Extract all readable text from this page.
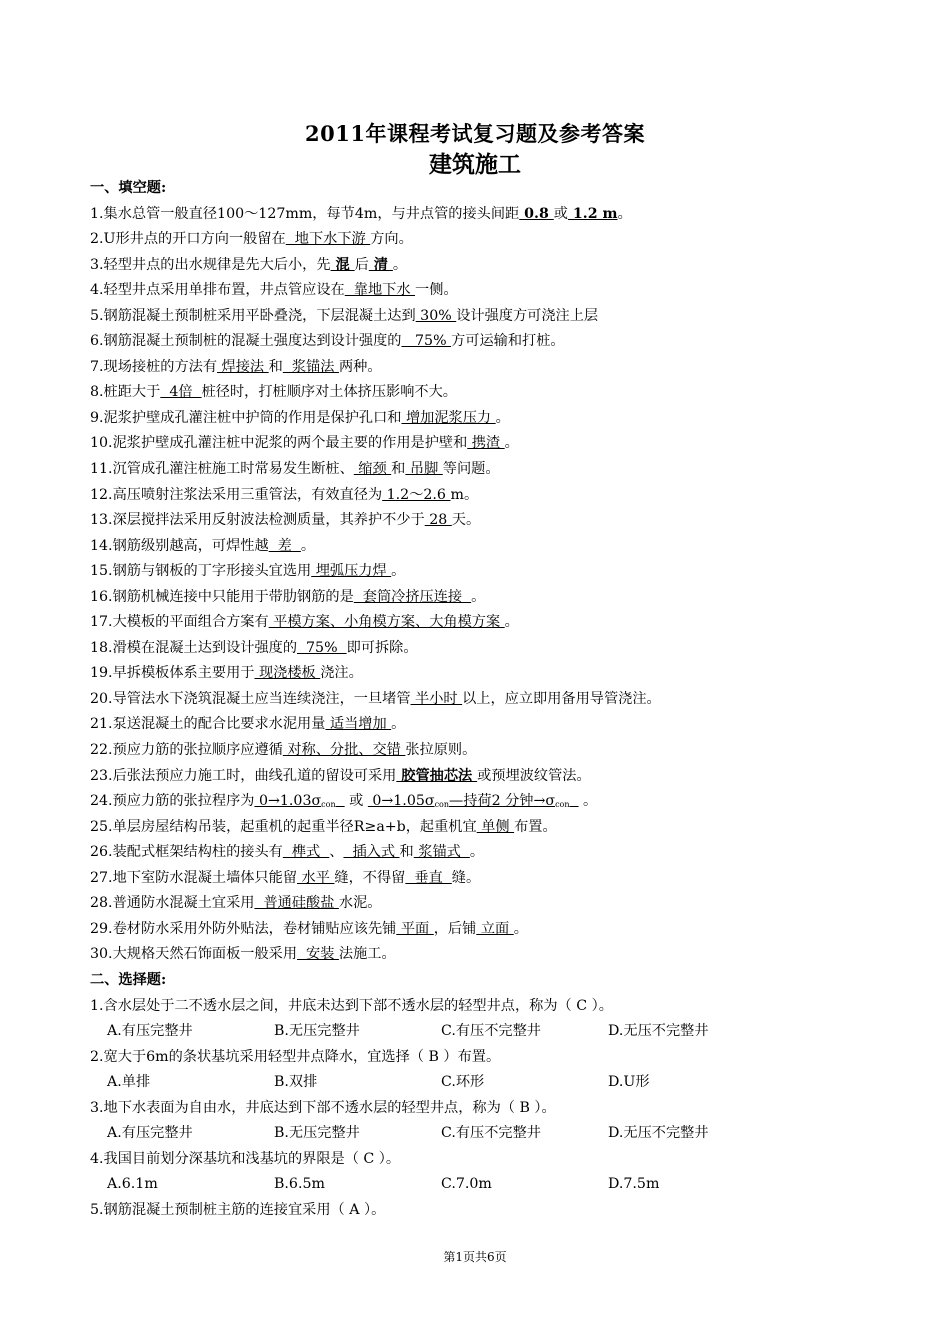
2011年课程考试复习题及参考答案
建筑施工
一、填空题:
1.集水总管一般直径100～127mm，每节4m，与井点管的接头间距 0.8 或 1.2 m。
2.U形井点的开口方向一般留在  地下水下游 方向。
3.轻型井点的出水规律是先大后小，先 混 后 清 。
4.轻型井点采用单排布置，井点管应设在  靠地下水 一侧。
5.钢筋混凝土预制桩采用平卧叠浇，下层混凝土达到 30% 设计强度方可浇注上层
6.钢筋混凝土预制桩的混凝土强度达到设计强度的   75% 方可运输和打桩。
7.现场接桩的方法有 焊接法 和  浆锚法 两种。
8.桩距大于  4倍  桩径时，打桩顺序对土体挤压影响不大。
9.泥浆护壁成孔灌注桩中护筒的作用是保护孔口和 增加泥浆压力 。
10.泥浆护壁成孔灌注桩中泥浆的两个最主要的作用是护壁和 携渣 。
11.沉管成孔灌注桩施工时常易发生断桩、 缩颈 和 吊脚 等问题。
12.高压喷射注浆法采用三重管法，有效直径为 1.2～2.6 m。
13.深层搅拌法采用反射波法检测质量，其养护不少于 28 天。
14.钢筋级别越高，可焊性越  差  。
15.钢筋与钢板的丁字形接头宜选用 埋弧压力焊 。
16.钢筋机械连接中只能用于带肋钢筋的是  套筒冷挤压连接  。
17.大模板的平面组合方案有 平模方案、小角模方案、大角模方案 。
18.滑模在混凝土达到设计强度的  75%  即可拆除。
19.早拆模板体系主要用于 现浇楼板 浇注。
20.导管法水下浇筑混凝土应当连续浇注，一旦堵管 半小时 以上，应立即用备用导管浇注。
21.泵送混凝土的配合比要求水泥用量 适当增加 。
22.预应力筋的张拉顺序应遵循 对称、分批、交错 张拉原则。
23.后张法预应力施工时，曲线孔道的留设可采用 胶管抽芯法 或预埋波纹管法。
24.预应力筋的张拉程序为 $0\to 1.03\sigma_{con}$   或  $0\to 1.05\sigma_{con}—$持荷2 分钟$\to\sigma_{con}$   。
25.单层房屋结构吊装，起重机的起重半径R≥a+b，起重机宜 单侧 布置。
26.装配式框架结构柱的接头有  榫式  、  插入式 和 浆锚式  。
27.地下室防水混凝土墙体只能留 水平 缝，不得留  垂直  缝。
28.普通防水混凝土宜采用  普通硅酸盐 水泥。
29.卷材防水采用外防外贴法，卷材铺贴应该先铺 平面 ，后铺 立面 。
30.大规格天然石饰面板一般采用  安装 法施工。
二、选择题:
1.含水层处于二不透水层之间，井底未达到下部不透水层的轻型井点，称为（ C ）。
A.有压完整井	B.无压完整井	C.有压不完整井	D.无压不完整井
2.宽大于6m的条状基坑采用轻型井点降水，宜选择（ B ）布置。
A.单排	B.双排	C.环形	D.U形
3.地下水表面为自由水，井底达到下部不透水层的轻型井点，称为（ B ）。
A.有压完整井	B.无压完整井	C.有压不完整井	D.无压不完整井
4.我国目前划分深基坑和浅基坑的界限是（ C ）。
A.6.1m	B.6.5m	C.7.0m	D.7.5m
5.钢筋混凝土预制桩主筋的连接宜采用（ A ）。
第1页共6页
